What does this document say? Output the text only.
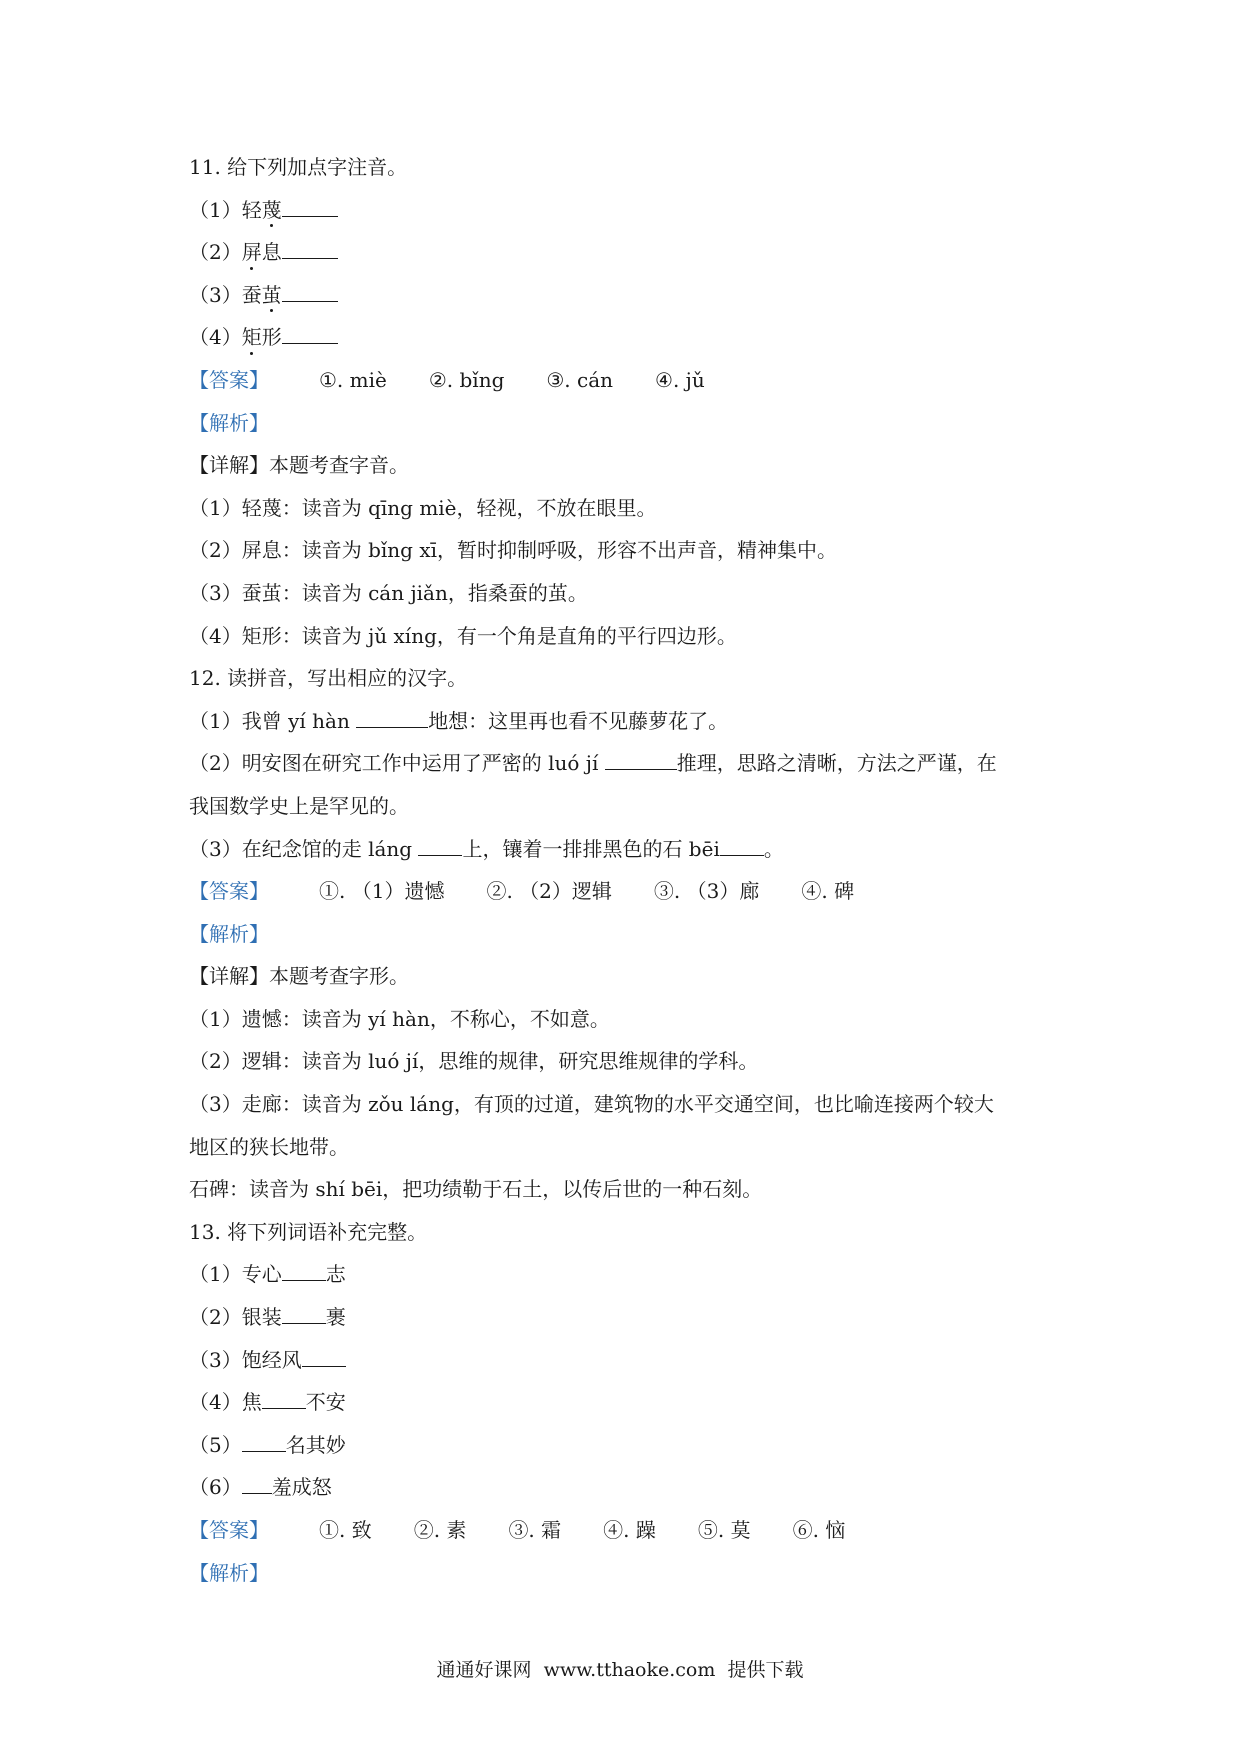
11. 给下列加点字注音。
（1）轻蔑
（2）屏息
（3）蚕茧
（4）矩形
【答案】	①. miè ②. bǐng ③. cán ④. jǔ
【解析】
【详解】本题考查字音。
（1）轻蔑：读音为 qīng miè，轻视，不放在眼里。
（2）屏息：读音为 bǐng xī，暂时抑制呼吸，形容不出声音，精神集中。
（3）蚕茧：读音为 cán jiǎn，指桑蚕的茧。
（4）矩形：读音为 jǔ xíng，有一个角是直角的平行四边形。
12. 读拼音，写出相应的汉字。
（1）我曾 yí hàn	地想：这里再也看不见藤萝花了。
（2）明安图在研究工作中运用了严密的 luó jí	推理，思路之清晰，方法之严谨，在
我国数学史上是罕见的。
（3）在纪念馆的走 láng 上，镶着一排排黑色的石 bēi 。
【答案】	①. （1）遗憾 ②. （2）逻辑 ③. （3）廊 ④. 碑
【解析】
【详解】本题考查字形。
（1）遗憾：读音为 yí hàn，不称心，不如意。
（2）逻辑：读音为 luó jí，思维的规律，研究思维规律的学科。
（3）走廊：读音为 zǒu láng，有顶的过道，建筑物的水平交通空间，也比喻连接两个较大
地区的狭长地带。
石碑：读音为 shí bēi，把功绩勒于石土，以传后世的一种石刻。
13. 将下列词语补充完整。
（1）专心 志
（2）银装 裹
（3）饱经风
（4）焦 不安
（5） 名其妙
（6） 羞成怒
【答案】	①. 致 ②. 素 ③. 霜 ④. 躁 ⑤. 莫 ⑥. 恼
【解析】
通通好课网  www.tthaoke.com  提供下载
